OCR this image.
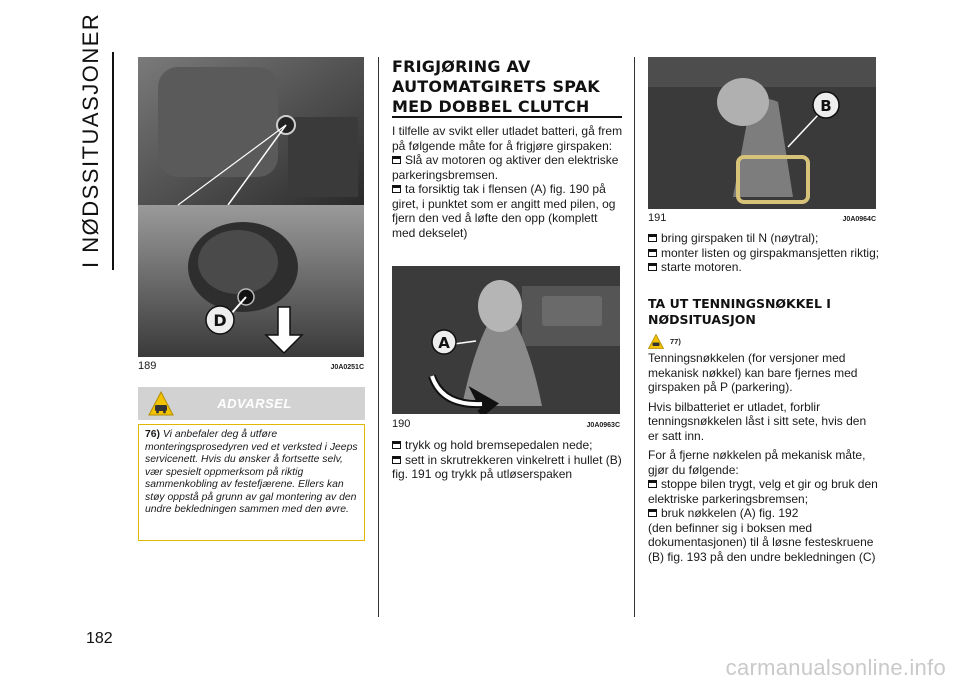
I NØDSSITUASJONER
182
D
189	J0A0251C
ADVARSEL
76) Vi anbefaler deg å utføre monteringsprosedyren ved et verksted i Jeeps servicenett. Hvis du ønsker å fortsette selv, vær spesielt oppmerksom på riktig sammenkobling av festefjærene. Ellers kan støy oppstå på grunn av gal montering av den undre bekledningen sammen med den øvre.
FRIGJØRING AV AUTOMATGIRETS SPAK MED DOBBEL CLUTCH
I tilfelle av svikt eller utladet batteri, gå frem på følgende måte for å frigjøre girspaken:
Slå av motoren og aktiver den elektriske parkeringsbremsen.
ta forsiktig tak i flensen (A) fig. 190 på giret, i punktet som er angitt med pilen, og fjern den ved å løfte den opp (komplett med dekselet)
A
190	J0A0963C
trykk og hold bremsepedalen nede;
sett in skrutrekkeren vinkelrett i hullet (B) fig. 191 og trykk på utløserspaken
B
191	J0A0964C
bring girspaken til N (nøytral);
monter listen og girspakmansjetten riktig;
starte motoren.
TA UT TENNINGSNØKKEL I NØDSITUASJON
77)
Tenningsnøkkelen (for versjoner med mekanisk nøkkel) kan bare fjernes med girspaken på P (parkering).
Hvis bilbatteriet er utladet, forblir tenningsnøkkelen låst i sitt sete, hvis den er satt inn.
For å fjerne nøkkelen på mekanisk måte, gjør du følgende:
stoppe bilen trygt, velg et gir og bruk den elektriske parkeringsbremsen;
bruk nøkkelen (A) fig. 192
(den befinner sig i boksen med dokumentasjonen) til å løsne festeskruene (B) fig. 193 på den undre bekledningen (C)
carmanualsonline.info
